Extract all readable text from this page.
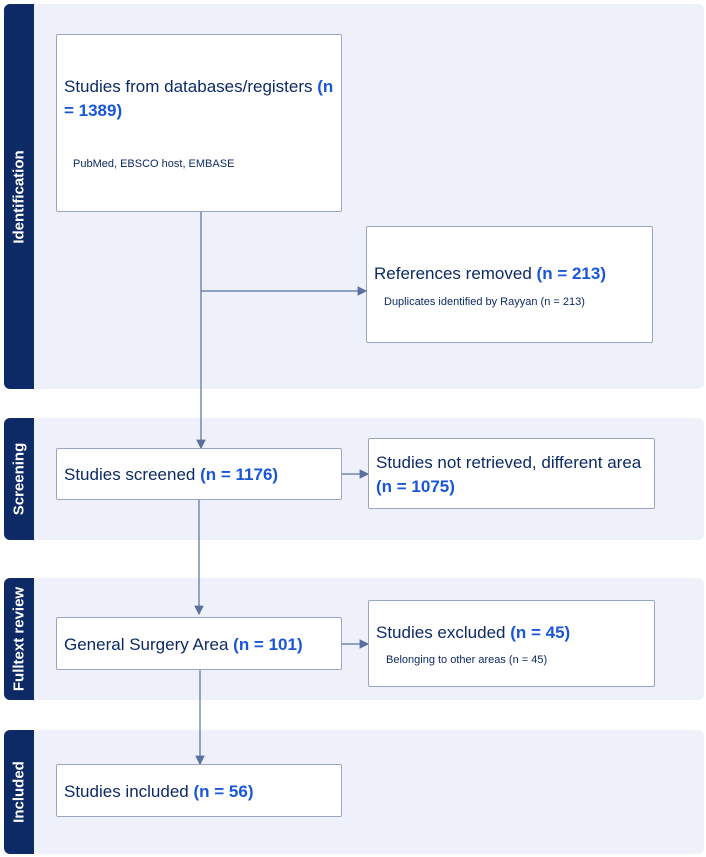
Identification
Screening
Fulltext review
Included
Studies from databases/registers (n = 1389)
PubMed, EBSCO host, EMBASE
References removed (n = 213)
Duplicates identified by Rayyan (n = 213)
Studies screened (n = 1176)
Studies not retrieved, different area (n = 1075)
General Surgery Area (n = 101)
Studies excluded (n = 45)
Belonging to other areas (n = 45)
Studies included (n = 56)
